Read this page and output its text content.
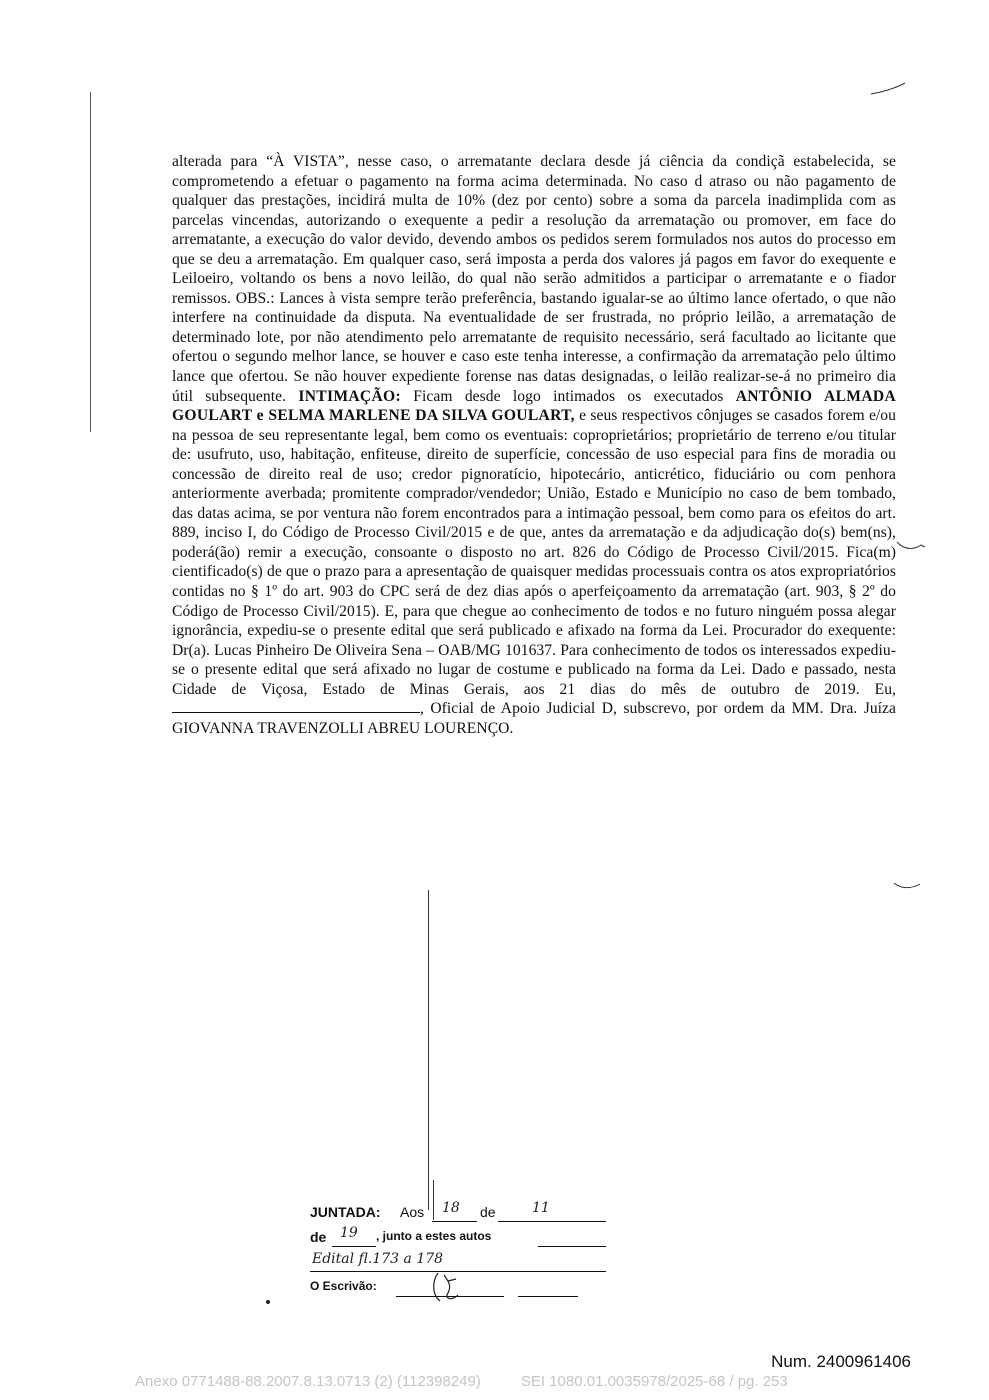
alterada para “À VISTA”, nesse caso, o arrematante declara desde já ciência da condiçã estabelecida, se comprometendo a efetuar o pagamento na forma acima determinada. No caso d atraso ou não pagamento de qualquer das prestações, incidirá multa de 10% (dez por cento) sobre a soma da parcela inadimplida com as parcelas vincendas, autorizando o exequente a pedir a resolução da arrematação ou promover, em face do arrematante, a execução do valor devido, devendo ambos os pedidos serem formulados nos autos do processo em que se deu a arrematação. Em qualquer caso, será imposta a perda dos valores já pagos em favor do exequente e Leiloeiro, voltando os bens a novo leilão, do qual não serão admitidos a participar o arrematante e o fiador remissos. OBS.: Lances à vista sempre terão preferência, bastando igualar-se ao último lance ofertado, o que não interfere na continuidade da disputa. Na eventualidade de ser frustrada, no próprio leilão, a arrematação de determinado lote, por não atendimento pelo arrematante de requisito necessário, será facultado ao licitante que ofertou o segundo melhor lance, se houver e caso este tenha interesse, a confirmação da arrematação pelo último lance que ofertou. Se não houver expediente forense nas datas designadas, o leilão realizar-se-á no primeiro dia útil subsequente. INTIMAÇÃO: Ficam desde logo intimados os executados ANTÔNIO ALMADA GOULART e SELMA MARLENE DA SILVA GOULART, e seus respectivos cônjuges se casados forem e/ou na pessoa de seu representante legal, bem como os eventuais: coproprietários; proprietário de terreno e/ou titular de: usufruto, uso, habitação, enfiteuse, direito de superfície, concessão de uso especial para fins de moradia ou concessão de direito real de uso; credor pignoratício, hipotecário, anticrético, fiduciário ou com penhora anteriormente averbada; promitente comprador/vendedor; União, Estado e Município no caso de bem tombado, das datas acima, se por ventura não forem encontrados para a intimação pessoal, bem como para os efeitos do art. 889, inciso I, do Código de Processo Civil/2015 e de que, antes da arrematação e da adjudicação do(s) bem(ns), poderá(ão) remir a execução, consoante o disposto no art. 826 do Código de Processo Civil/2015. Fica(m) cientificado(s) de que o prazo para a apresentação de quaisquer medidas processuais contra os atos expropriatórios contidas no § 1º do art. 903 do CPC será de dez dias após o aperfeiçoamento da arrematação (art. 903, § 2º do Código de Processo Civil/2015). E, para que chegue ao conhecimento de todos e no futuro ninguém possa alegar ignorância, expediu-se o presente edital que será publicado e afixado na forma da Lei. Procurador do exequente: Dr(a). Lucas Pinheiro De Oliveira Sena – OAB/MG 101637. Para conhecimento de todos os interessados expediu-se o presente edital que será afixado no lugar de costume e publicado na forma da Lei. Dado e passado, nesta Cidade de Viçosa, Estado de Minas Gerais, aos 21 dias do mês de outubro de 2019. Eu, , Oficial de Apoio Judicial D, subscrevo, por ordem da MM. Dra. Juíza GIOVANNA TRAVENZOLLI ABREU LOURENÇO.

JUNTADA: Aos 18 de	11
de 19 , junto a estes autos
Edital fl.173 a 178
O Escrivão:
Num. 2400961406
Anexo 0771488-88.2007.8.13.0713 (2) (112398249)	SEI 1080.01.0035978/2025-68 / pg. 253
